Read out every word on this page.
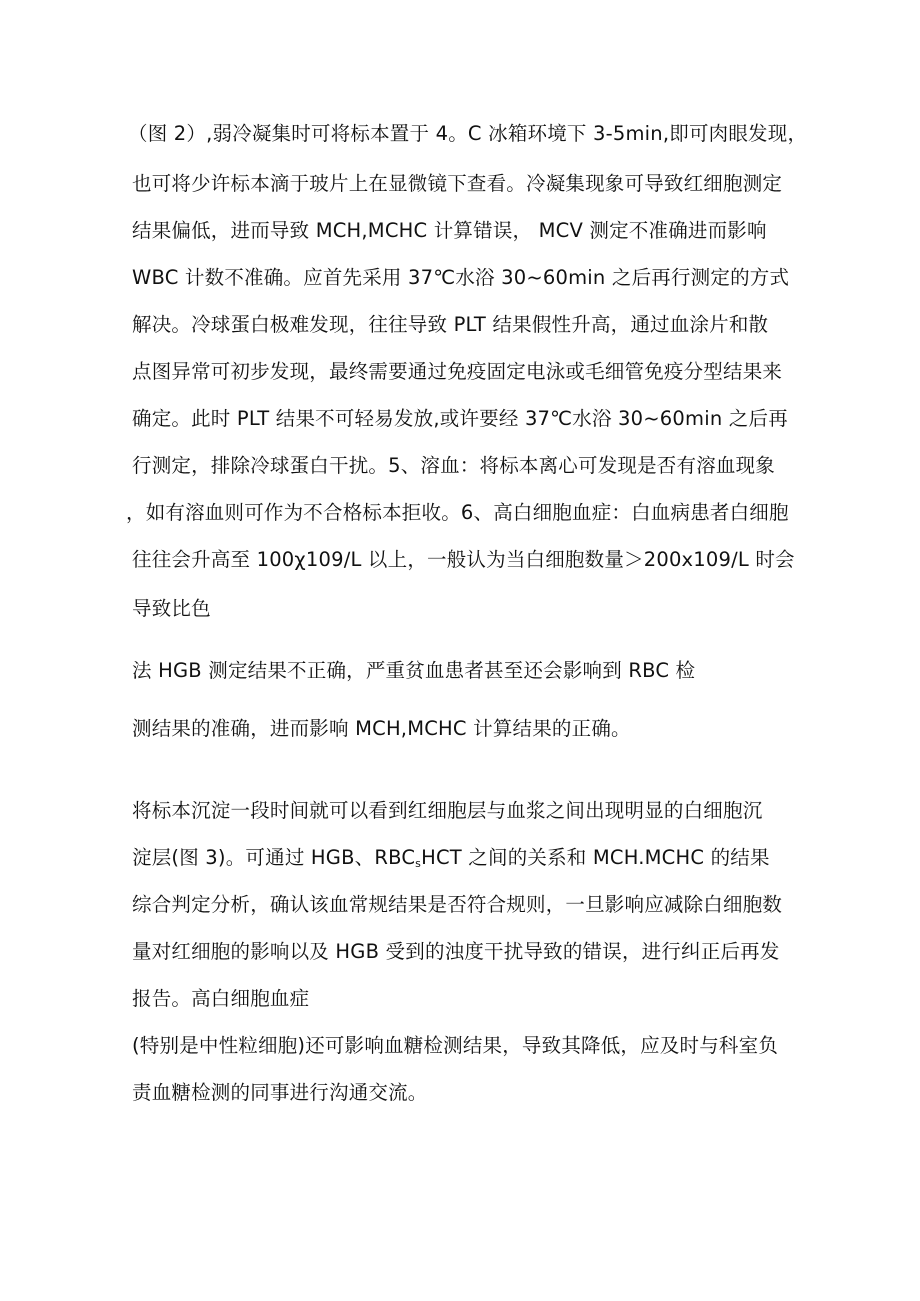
（图 2）,弱冷凝集时可将标本置于 4。C 冰箱环境下 3-5min,即可肉眼发现，

也可将少许标本滴于玻片上在显微镜下查看。冷凝集现象可导致红细胞测定

结果偏低，进而导致 MCH,MCHC 计算错误， MCV 测定不准确进而影响

WBC 计数不准确。应首先采用 37℃水浴 30~60min 之后再行测定的方式

解决。冷球蛋白极难发现，往往导致 PLT 结果假性升高，通过血涂片和散

点图异常可初步发现，最终需要通过免疫固定电泳或毛细管免疫分型结果来

确定。此时 PLT 结果不可轻易发放,或许要经 37℃水浴 30~60min 之后再

行测定，排除冷球蛋白干扰。5、溶血：将标本离心可发现是否有溶血现象

，如有溶血则可作为不合格标本拒收。6、高白细胞血症：白血病患者白细胞

往往会升高至 100χ109∕L 以上，一般认为当白细胞数量＞200x109∕L 时会

导致比色

法 HGB 测定结果不正确，严重贫血患者甚至还会影响到 RBC 检

测结果的准确，进而影响 MCH,MCHC 计算结果的正确。

将标本沉淀一段时间就可以看到红细胞层与血浆之间出现明显的白细胞沉

淀层(图 3)。可通过 HGB、$RBC_sHCT$ 之间的关系和 MCH.MCHC 的结果

综合判定分析，确认该血常规结果是否符合规则，一旦影响应减除白细胞数

量对红细胞的影响以及 HGB 受到的浊度干扰导致的错误，进行纠正后再发

报告。高白细胞血症

(特别是中性粒细胞)还可影响血糖检测结果，导致其降低，应及时与科室负

责血糖检测的同事进行沟通交流。
